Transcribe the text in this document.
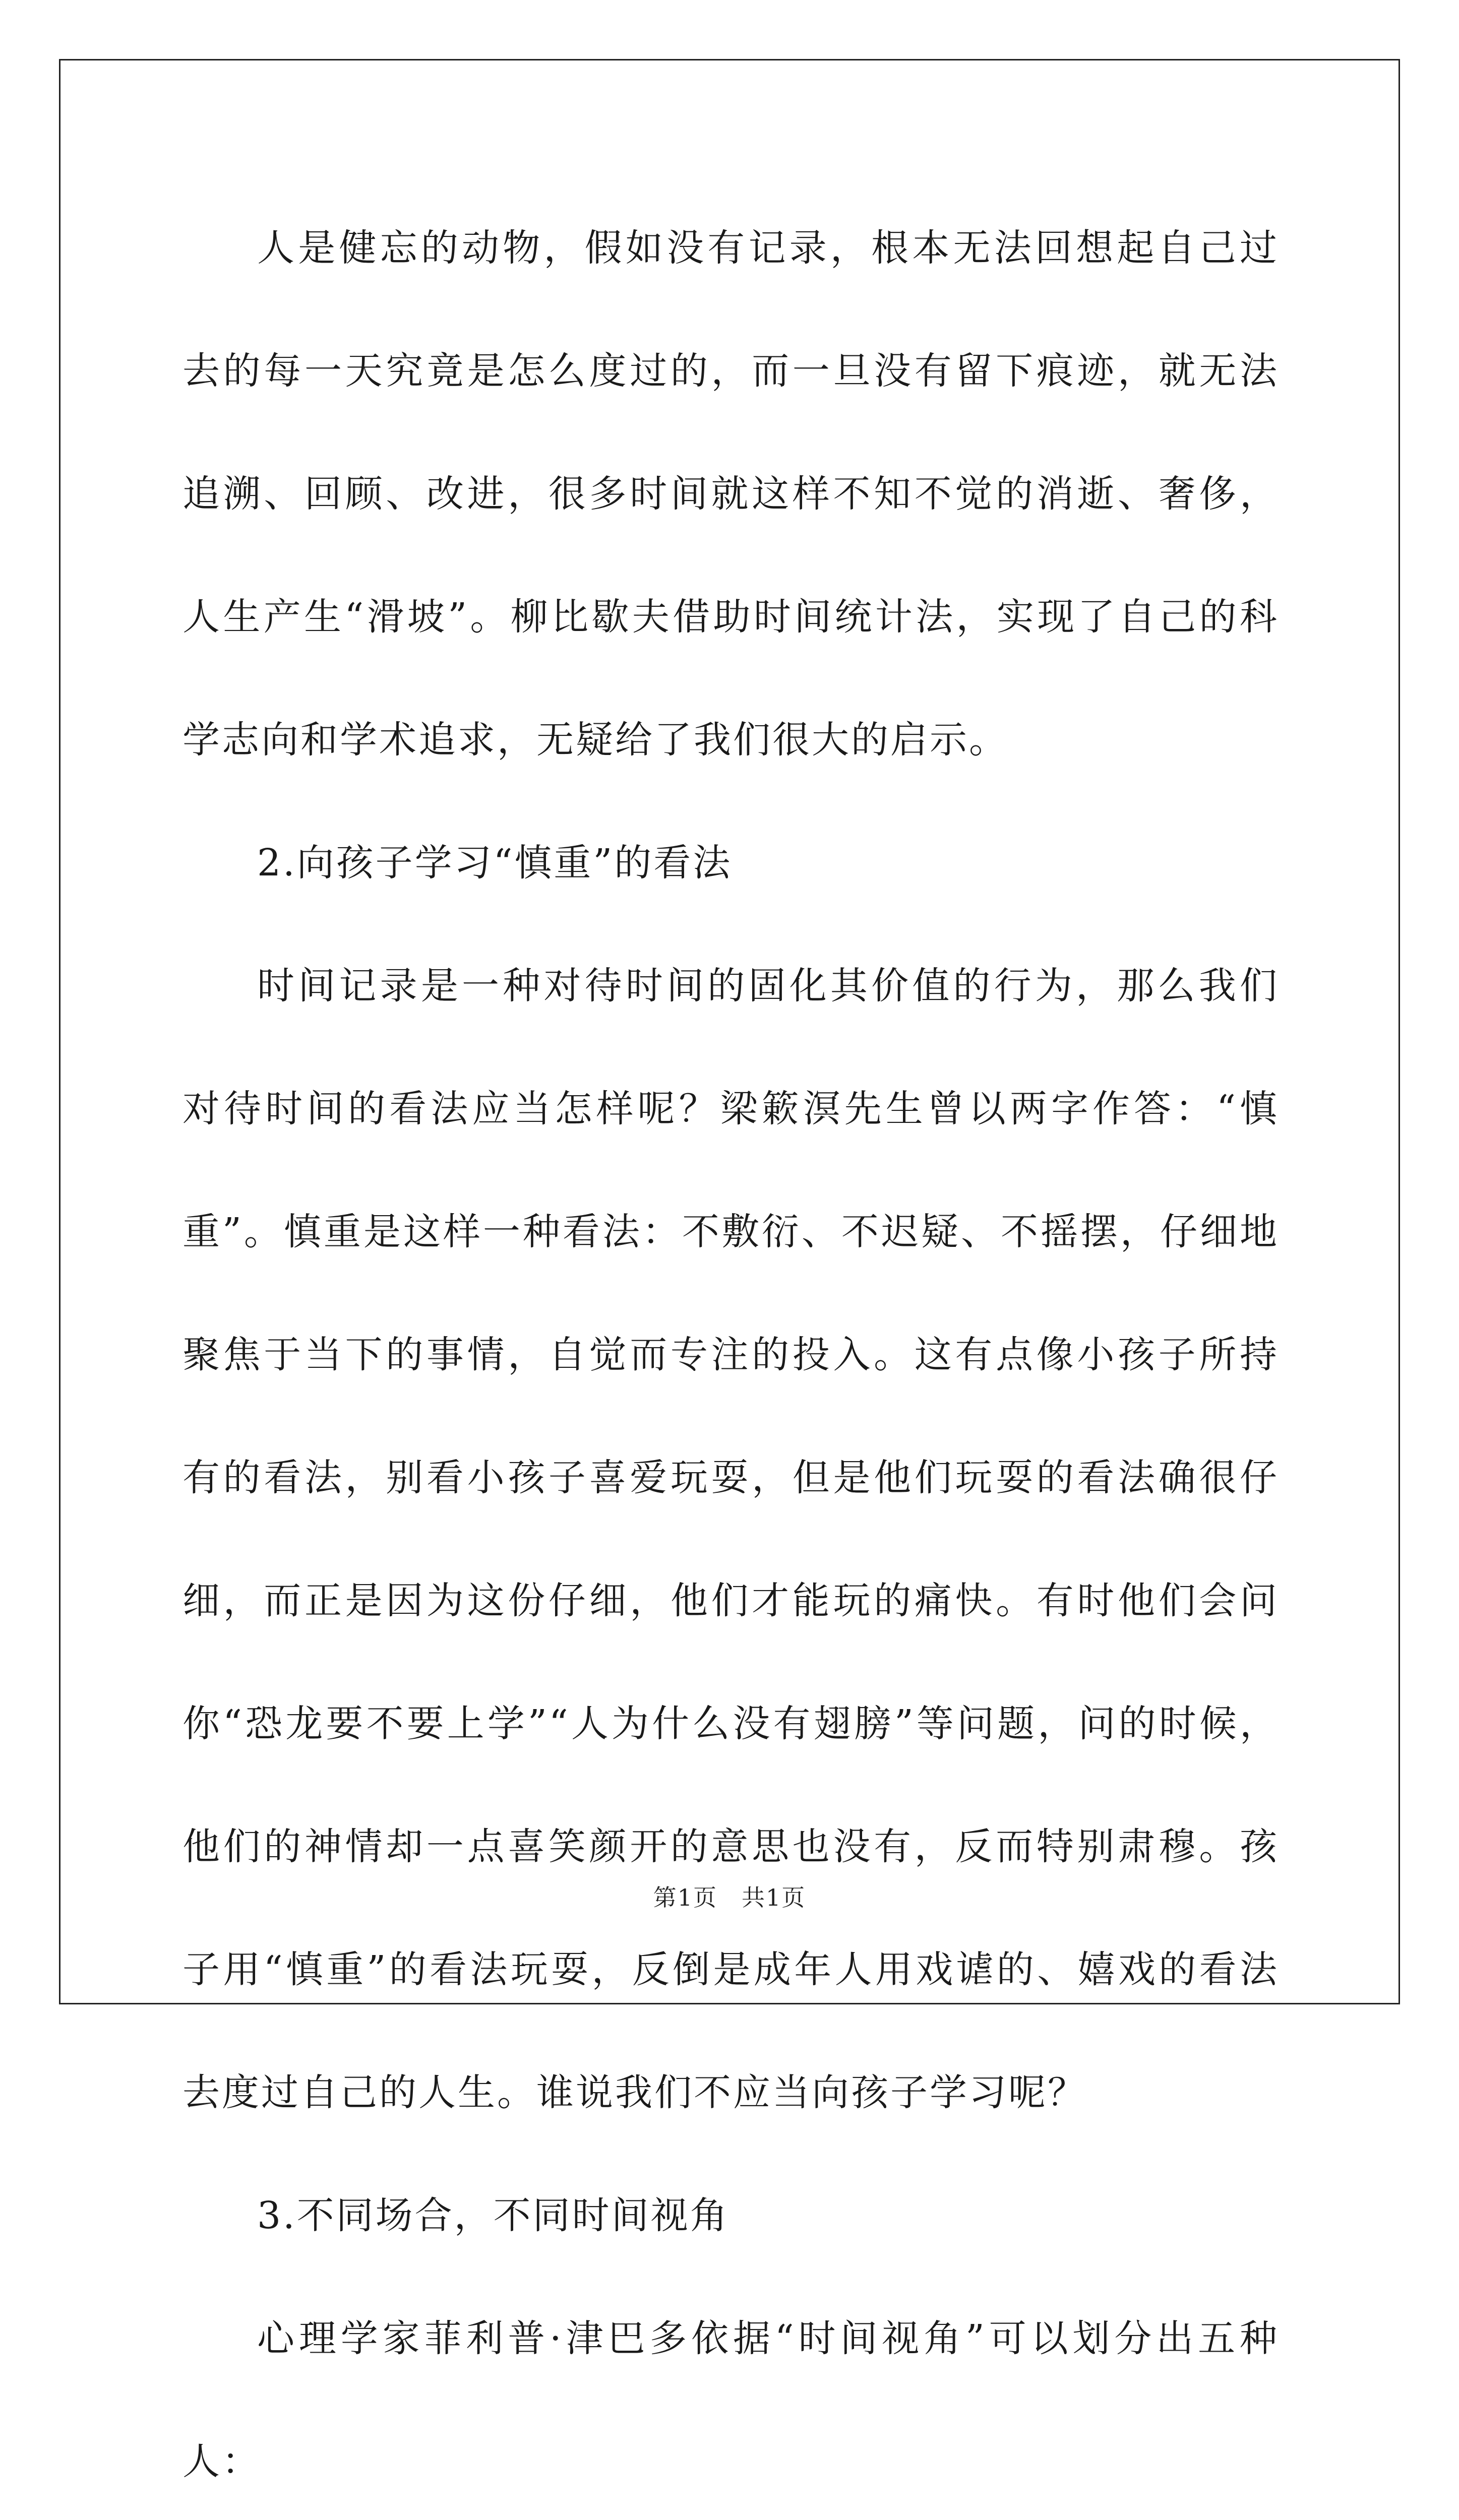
人是健忘的动物，假如没有记录，根本无法回想起自己过去的每一天究竟是怎么度过的，而一旦没有留下痕迹，就无法追溯、回顾、改进，很多时间就这样不知不觉的消逝、奢侈，人生产生“滑坡”。柳比歇夫借助时间统计法，实现了自己的科学志向和学术追求，无疑给了我们很大的启示。

2.向孩子学习“慎重”的看法

时间记录是一种对待时间的固化其价值的行为，那么我们对待时间的看法应当怎样呢？梁簌溟先生曾以两字作答：“慎重”。慎重是这样一种看法：不敷衍、不迟疑、不摇摆，仔细地聚焦于当下的事情，自觉而专注的投入。这有点像小孩子所持有的看法，别看小孩子喜爱玩耍，但是他们玩耍的看法确很仔细，而正是因为这份仔细，他们才能玩的痛快。有时他们会问你“恐龙要不要上学”“人为什么没有翅膀”等问题，问的时候，他们的神情却一点喜笑颜开的意思也没有，反而特别肃穆。孩子用“慎重”的看法玩耍，反倒是成年人用戏谑的、嬉戏的看法去度过自己的人生。谁说我们不应当向孩子学习呢？

3.不同场合，不同时间视角

心理学家菲利普·津巴多依据“时间视角”可以划分出五种人：

第1页　共1页
